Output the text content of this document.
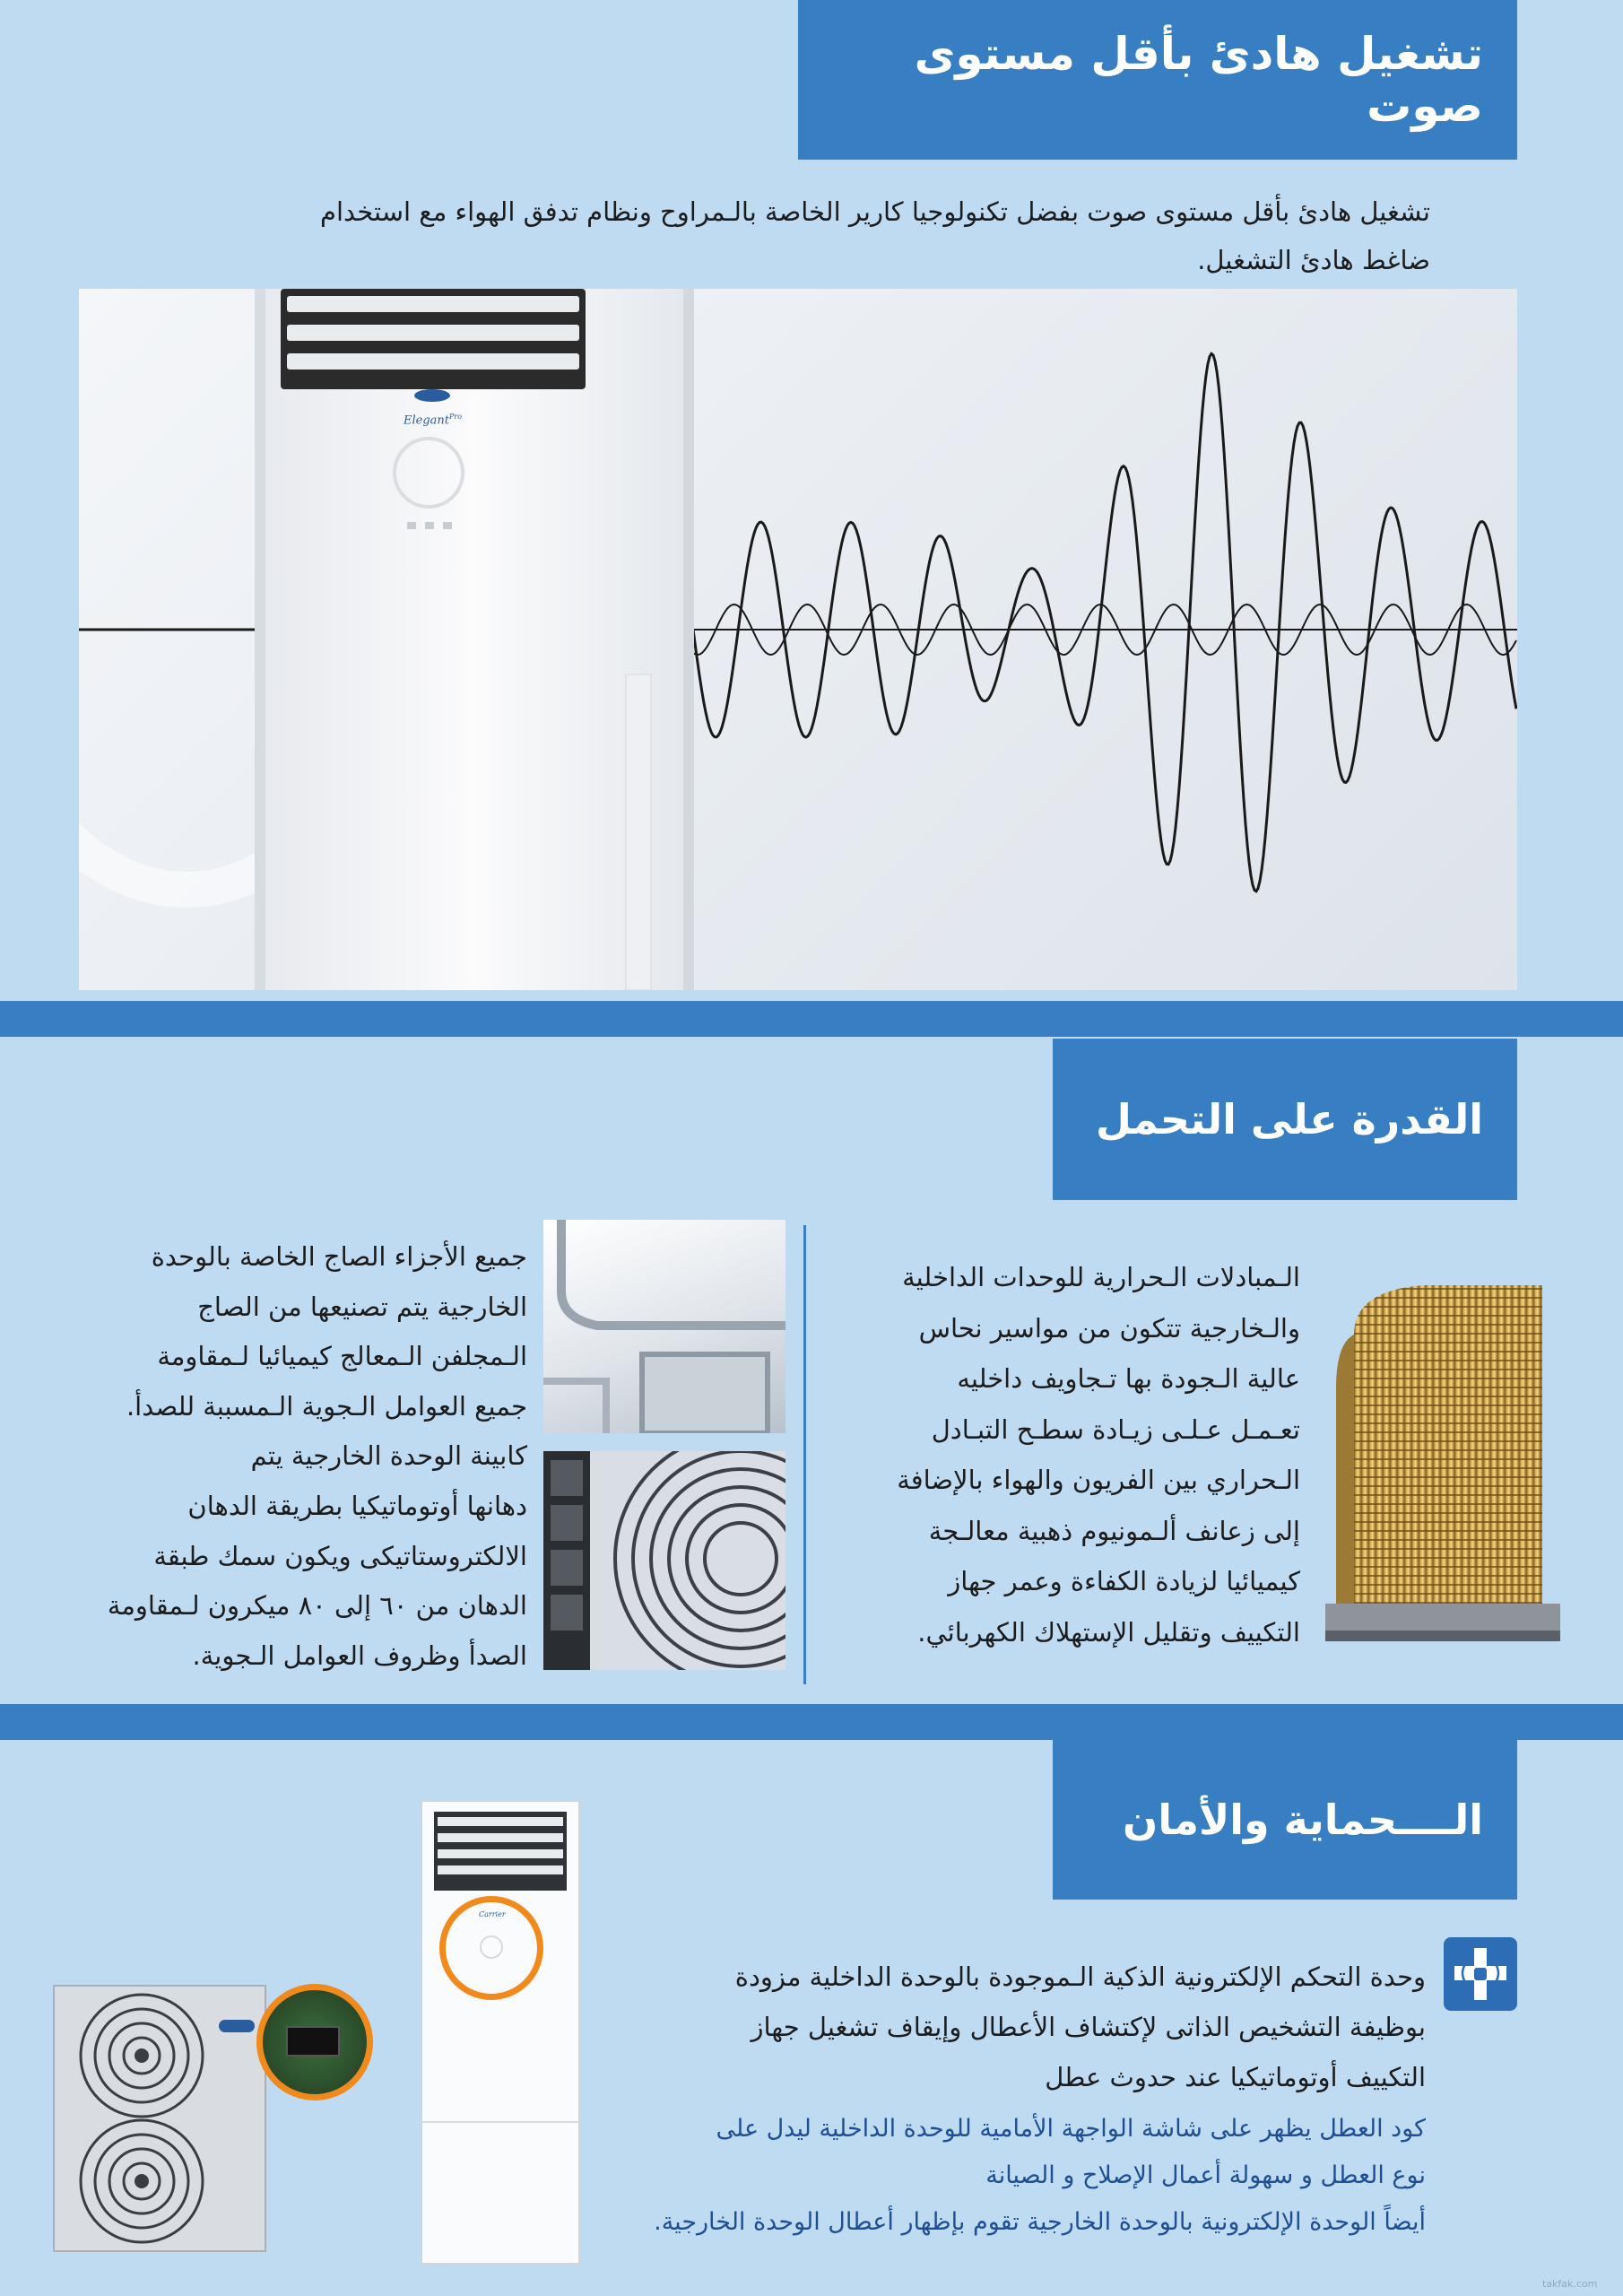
تشغيل هادئ بأقل مستوى صوت
تشغيل هادئ بأقل مستوى صوت بفضل تكنولوجيا كارير الخاصة بالـمراوح ونظام تدفق الهواء مع استخدام
ضاغط هادئ التشغيل.
Elegant$^{Pro}$
القدرة على التحمل
الـمبادلات الـحرارية للوحدات الداخلية
والـخارجية تتكون من مواسير نحاس
عالية الـجودة بها تـجاويف داخليه
تعـمـل عـلـى زيـادة سطـح التبـادل
الـحراري بين الفريون والهواء بالإضافة
إلى زعانف ألـمونيوم ذهبية معالـجة
كيميائيا لزيادة الكفاءة وعمر جهاز
التكييف وتقليل الإستهلاك الكهربائي.
جميع الأجزاء الصاج الخاصة بالوحدة
الخارجية يتم تصنيعها من الصاج
الـمجلفن الـمعالج كيميائيا لـمقاومة
جميع العوامل الـجوية الـمسببة للصدأ.
كابينة الوحدة الخارجية يتم
دهانها أوتوماتيكيا بطريقة الدهان
الالكتروستاتيكى ويكون سمك طبقة
الدهان من ٦٠ إلى ٨٠ ميكرون لـمقاومة
الصدأ وظروف العوامل الـجوية.
الــــحماية والأمان
وحدة التحكم الإلكترونية الذكية الـموجودة بالوحدة الداخلية مزودة
بوظيفة التشخيص الذاتى لإكتشاف الأعطال وإيقاف تشغيل جهاز
التكييف أوتوماتيكيا عند حدوث عطل
كود العطل يظهر على شاشة الواجهة الأمامية للوحدة الداخلية ليدل على
نوع العطل و سهولة أعمال الإصلاح و الصيانة
أيضاً الوحدة الإلكترونية بالوحدة الخارجية تقوم بإظهار أعطال الوحدة الخارجية.
Carrier
takfak.com
